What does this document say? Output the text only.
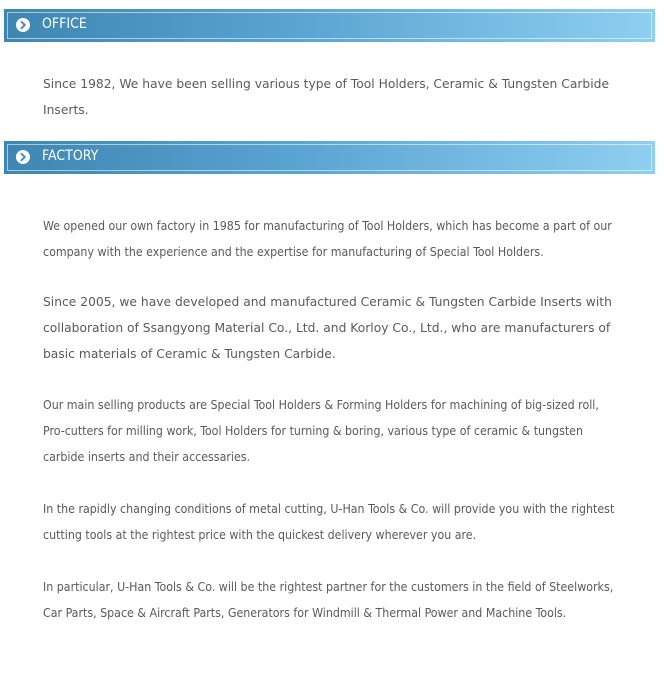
OFFICE

Since 1982, We have been selling various type of Tool Holders, Ceramic & Tungsten Carbide Inserts.

FACTORY

We opened our own factory in 1985 for manufacturing of Tool Holders, which has become a part of our company with the experience and the expertise for manufacturing of Special Tool Holders.

Since 2005, we have developed and manufactured Ceramic & Tungsten Carbide Inserts with collaboration of Ssangyong Material Co., Ltd. and Korloy Co., Ltd., who are manufacturers of basic materials of Ceramic & Tungsten Carbide.

Our main selling products are Special Tool Holders & Forming Holders for machining of big-sized roll, Pro-cutters for milling work, Tool Holders for turning & boring, various type of ceramic & tungsten carbide inserts and their accessaries.

In the rapidly changing conditions of metal cutting, U-Han Tools & Co. will provide you with the rightest cutting tools at the rightest price with the quickest delivery wherever you are.

In particular, U-Han Tools & Co. will be the rightest partner for the customers in the field of Steelworks, Car Parts, Space & Aircraft Parts, Generators for Windmill & Thermal Power and Machine Tools.
